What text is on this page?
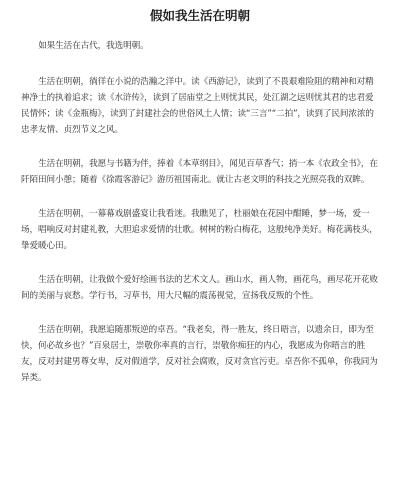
假如我生活在明朝

如果生活在古代，我选明朝。

生活在明朝，徜徉在小说的浩瀚之洋中。读《西游记》，读到了不畏艰难险阻的精神和对精神净土的执着追求；读《水浒传》，读到了居庙堂之上则忧其民，处江湖之远则忧其君的忠君爱民情怀；读《金瓶梅》，读到了封建社会的世俗风土人情；读“三言”“二拍”，读到了民间浓浓的忠孝友情、贞烈节义之风。

生活在明朝，我愿与书籍为伴，捧着《本草纲目》，闻见百草香气；捎一本《农政全书》，在阡陌田间小憩；随着《徐霞客游记》游历祖国南北。就让古老文明的科技之光照亮我的双眸。

生活在明朝，一幕幕戏剧盛宴让我看迷。我瞧见了，杜丽娘在花园中酣睡，梦一场，爱一场，唱响反对封建礼教，大胆追求爱情的壮歌。树树的粉白梅花，这般纯净美好。梅花满枝头，挚爱暖心田。

生活在明朝，让我做个爱好绘画书法的艺术文人。画山水，画人物，画花鸟，画尽花开花败间的美丽与哀愁。学行书，习草书，用大尺幅的震荡视觉，宣扬我反叛的个性。

生活在明朝，我愿追随那叛逆的卓吾。“我老矣，得一胜友，终日晤言，以遗余日，即为至快，何必故乡也？”百泉居士，崇敬你率真的言行，崇敬你痴狂的内心，我愿成为你晤言的胜友，反对封建男尊女卑，反对假道学，反对社会腐败，反对贪官污吏。卓吾你不孤单，你我同为异类。
